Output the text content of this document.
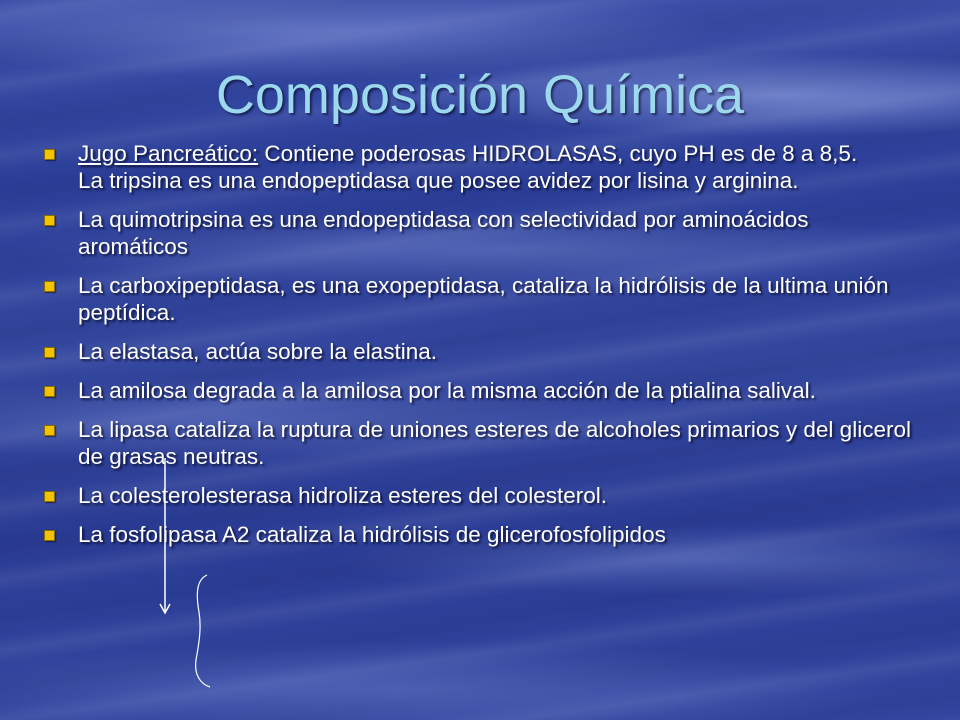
Composición Química
Jugo Pancreático: Contiene poderosas HIDROLASAS, cuyo PH es de 8 a 8,5.
La tripsina es una endopeptidasa que posee avidez por lisina y arginina.
La quimotripsina es una endopeptidasa con selectividad por aminoácidos aromáticos
La carboxipeptidasa, es una exopeptidasa, cataliza la hidrólisis de la ultima unión peptídica.
La elastasa, actúa sobre la elastina.
La amilosa degrada a la amilosa por la misma acción de la ptialina salival.
La lipasa cataliza la ruptura de uniones esteres de alcoholes primarios y del glicerol de grasas neutras.
La colesterolesterasa hidroliza esteres del colesterol.
La fosfolipasa A2 cataliza la hidrólisis de glicerofosfolipidos
